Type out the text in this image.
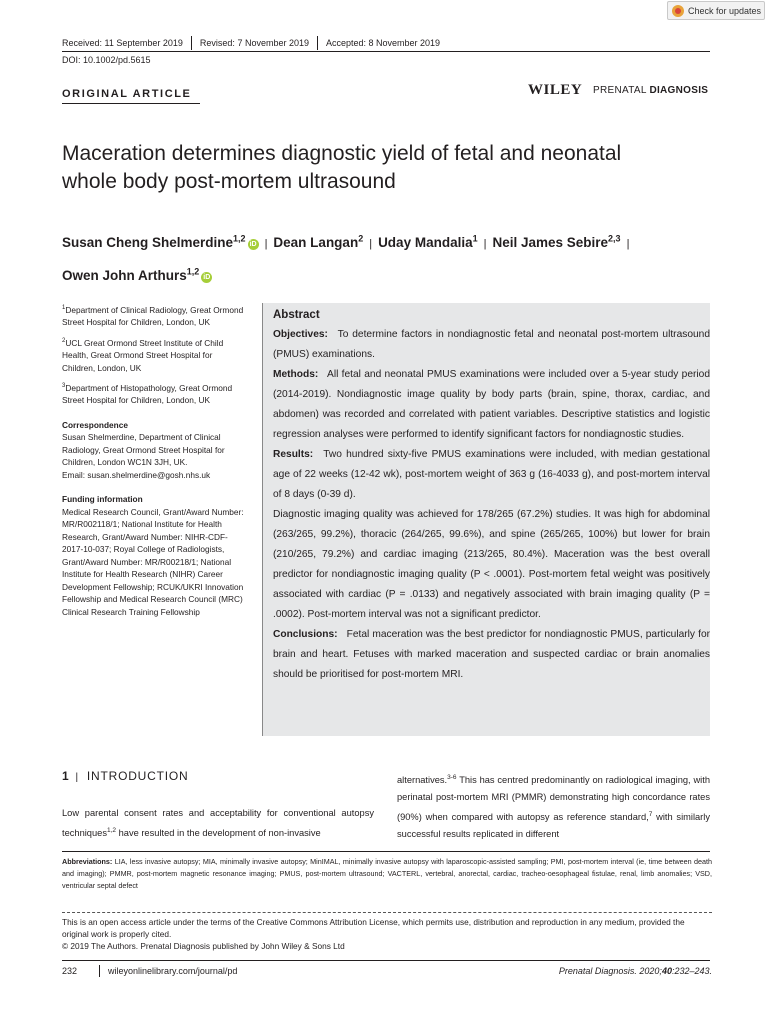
Check for updates
Received: 11 September 2019 Revised: 7 November 2019 Accepted: 8 November 2019
DOI: 10.1002/pd.5615
ORIGINAL ARTICLE	WILEY PRENATAL DIAGNOSIS
Maceration determines diagnostic yield of fetal and neonatal
whole body post-mortem ultrasound
Susan Cheng Shelmerdine$^{1,2}$iD | Dean Langan$^2$ | Uday Mandalia$^1$ | Neil James Sebire$^{2,3}$ |
Owen John Arthurs$^{1,2}$iD

$^1$Department of Clinical Radiology, Great Ormond Street Hospital for Children, London, UK

$^2$UCL Great Ormond Street Institute of Child Health, Great Ormond Street Hospital for Children, London, UK

$^3$Department of Histopathology, Great Ormond Street Hospital for Children, London, UK

Correspondence

Susan Shelmerdine, Department of Clinical Radiology, Great Ormond Street Hospital for Children, London WC1N 3JH, UK.

Email: susan.shelmerdine@gosh.nhs.uk

Funding information

Medical Research Council, Grant/Award Number: MR/R002118/1; National Institute for Health Research, Grant/Award Number: NIHR-CDF-2017-10-037; Royal College of Radiologists, Grant/Award Number: MR/R00218/1; National Institute for Health Research (NIHR) Career Development Fellowship; RCUK/UKRI Innovation Fellowship and Medical Research Council (MRC) Clinical Research Training Fellowship

Abstract

Objectives: To determine factors in nondiagnostic fetal and neonatal post-mortem ultrasound (PMUS) examinations.

Methods: All fetal and neonatal PMUS examinations were included over a 5-year study period (2014-2019). Nondiagnostic image quality by body parts (brain, spine, thorax, cardiac, and abdomen) was recorded and correlated with patient variables. Descriptive statistics and logistic regression analyses were performed to identify significant factors for nondiagnostic studies.

Results: Two hundred sixty-five PMUS examinations were included, with median gestational age of 22 weeks (12-42 wk), post-mortem weight of 363 g (16-4033 g), and post-mortem interval of 8 days (0-39 d).

Diagnostic imaging quality was achieved for 178/265 (67.2%) studies. It was high for abdominal (263/265, 99.2%), thoracic (264/265, 99.6%), and spine (265/265, 100%) but lower for brain (210/265, 79.2%) and cardiac imaging (213/265, 80.4%). Maceration was the best overall predictor for nondiagnostic imaging quality (P < .0001). Post-mortem fetal weight was positively associated with cardiac (P = .0133) and negatively associated with brain imaging quality (P = .0002). Post-mortem interval was not a significant predictor.

Conclusions: Fetal maceration was the best predictor for nondiagnostic PMUS, particularly for brain and heart. Fetuses with marked maceration and suspected cardiac or brain anomalies should be prioritised for post-mortem MRI.

1 | INTRODUCTION
Low parental consent rates and acceptability for conventional autopsy techniques$^{1,2}$ have resulted in the development of non-invasive
alternatives.$^{3-6}$ This has centred predominantly on radiological imaging, with perinatal post-mortem MRI (PMMR) demonstrating high concordance rates (90%) when compared with autopsy as reference standard,$^7$ with similarly successful results replicated in different
Abbreviations: LIA, less invasive autopsy; MIA, minimally invasive autopsy; MinIMAL, minimally invasive autopsy with laparoscopic-assisted sampling; PMI, post-mortem interval (ie, time between death and imaging); PMMR, post-mortem magnetic resonance imaging; PMUS, post-mortem ultrasound; VACTERL, vertebral, anorectal, cardiac, tracheo-oesophageal fistulae, renal, limb anomalies; VSD, ventricular septal defect
This is an open access article under the terms of the Creative Commons Attribution License, which permits use, distribution and reproduction in any medium, provided the original work is properly cited.
© 2019 The Authors. Prenatal Diagnosis published by John Wiley & Sons Ltd
232	wileyonlinelibrary.com/journal/pd	Prenatal Diagnosis. 2020;40:232–243.
